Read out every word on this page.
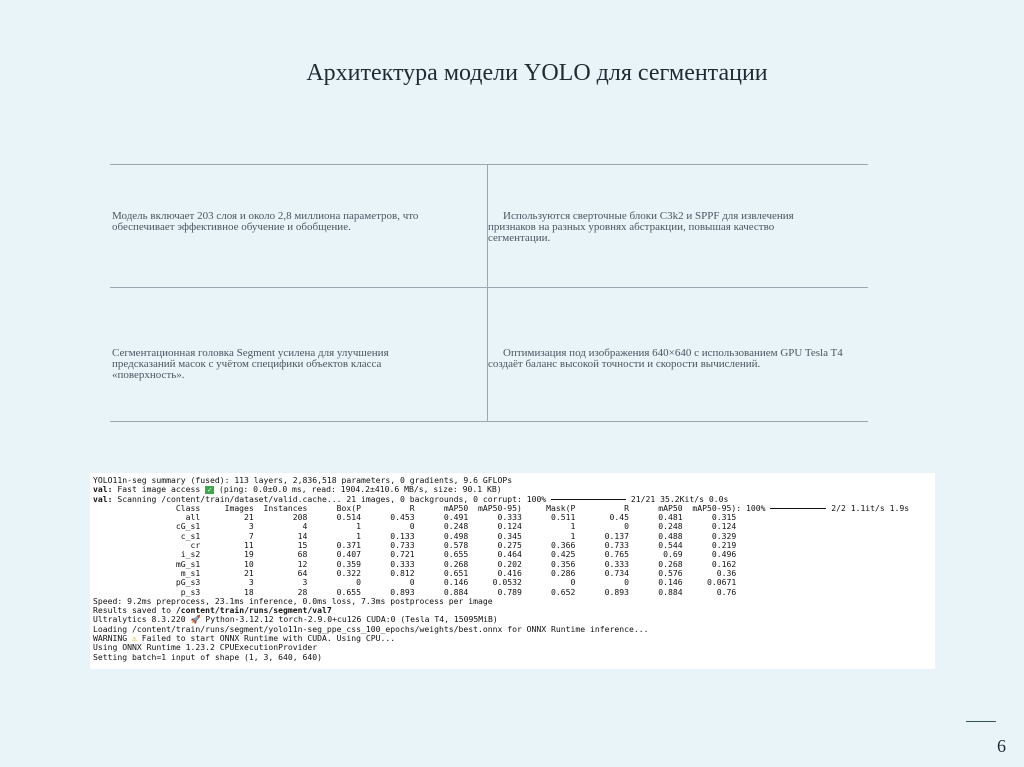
Архитектура модели YOLO для сегментации

Модель включает 203 слоя и около 2,8 миллиона параметров, что обеспечивает эффективное обучение и обобщение.

Используются сверточные блоки C3k2 и SPPF для извлечения признаков на разных уровнях абстракции, повышая качество сегментации.

Сегментационная головка Segment усилена для улучшения предсказаний масок с учётом специфики объектов класса «поверхность».

Оптимизация под изображения 640×640 с использованием GPU Tesla T4 создаёт баланс высокой точности и скорости вычислений.

YOLO11n-seg summary (fused): 113 layers, 2,836,518 parameters, 0 gradients, 9.6 GFLOPs
val: Fast image access ✓ (ping: 0.0±0.0 ms, read: 1904.2±410.6 MB/s, size: 90.1 KB)
val: Scanning /content/train/dataset/valid.cache... 21 images, 0 backgrounds, 0 corrupt: 100%	21/21 35.2Kit/s 0.0s
Class     Images  Instances      Box(P          R      mAP50  mAP50-95)     Mask(P          R      mAP50  mAP50-95): 100%	2/2 1.1it/s 1.9s
all         21        208      0.514      0.453      0.491      0.333      0.511       0.45      0.481      0.315
cG_s1          3          4          1          0      0.248      0.124          1          0      0.248      0.124
c_s1          7         14          1      0.133      0.498      0.345          1      0.137      0.488      0.329
cr         11         15      0.371      0.733      0.578      0.275      0.366      0.733      0.544      0.219
i_s2         19         68      0.407      0.721      0.655      0.464      0.425      0.765       0.69      0.496
mG_s1         10         12      0.359      0.333      0.268      0.202      0.356      0.333      0.268      0.162
m_s1         21         64      0.322      0.812      0.651      0.416      0.286      0.734      0.576       0.36
pG_s3          3          3          0          0      0.146     0.0532          0          0      0.146     0.0671
p_s3         18         28      0.655      0.893      0.884      0.789      0.652      0.893      0.884       0.76
Speed: 9.2ms preprocess, 23.1ms inference, 0.0ms loss, 7.3ms postprocess per image
Results saved to /content/train/runs/segment/val7
Ultralytics 8.3.220 🚀 Python-3.12.12 torch-2.9.0+cu126 CUDA:0 (Tesla T4, 15095MiB)
Loading /content/train/runs/segment/yolo11n-seg_ppe_css_100_epochs/weights/best.onnx for ONNX Runtime inference...
WARNING ⚠ Failed to start ONNX Runtime with CUDA. Using CPU...
Using ONNX Runtime 1.23.2 CPUExecutionProvider
Setting batch=1 input of shape (1, 3, 640, 640)
6
